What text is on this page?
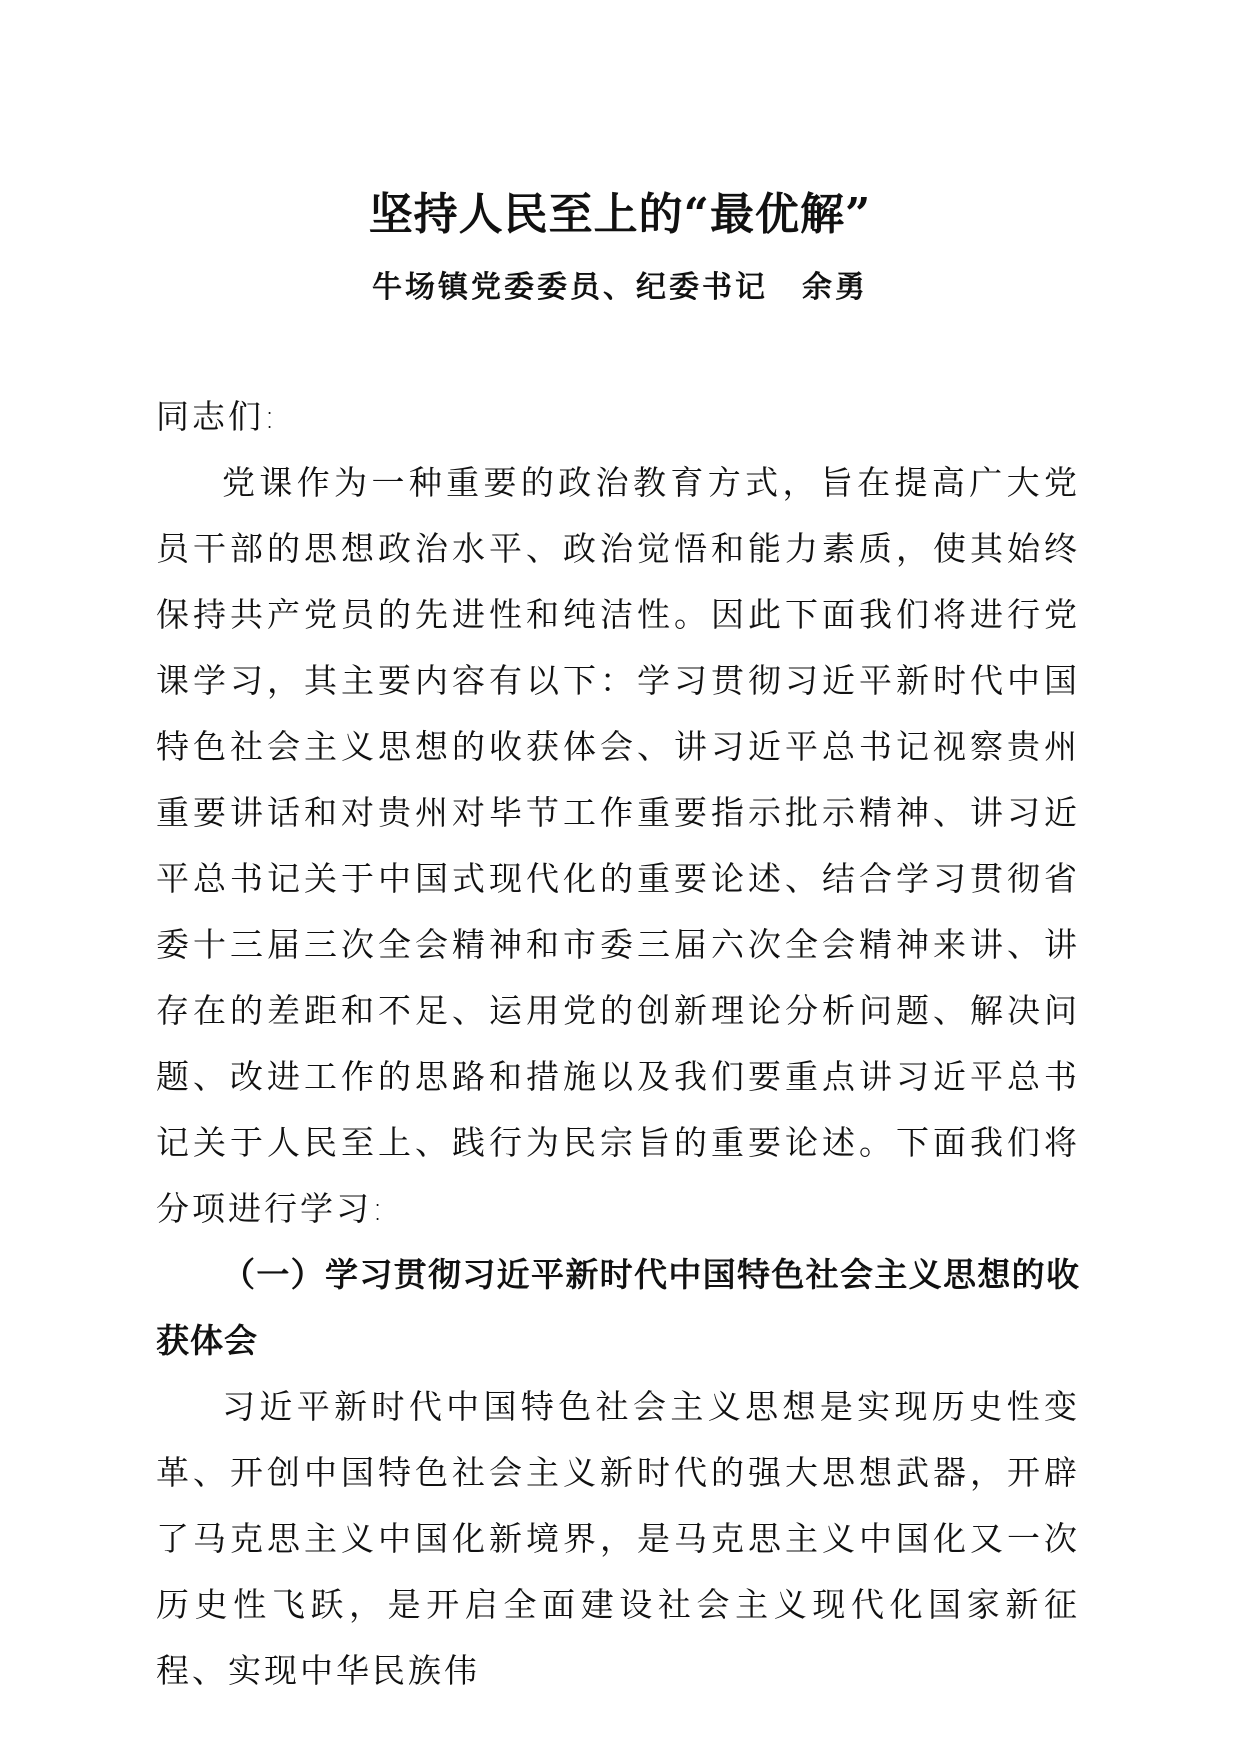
坚持人民至上的“最优解”
牛场镇党委委员、纪委书记 余勇

同志们:

党课作为一种重要的政治教育方式，旨在提高广大党员干部的思想政治水平、政治觉悟和能力素质，使其始终保持共产党员的先进性和纯洁性。因此下面我们将进行党课学习，其主要内容有以下：学习贯彻习近平新时代中国特色社会主义思想的收获体会、讲习近平总书记视察贵州重要讲话和对贵州对毕节工作重要指示批示精神、讲习近平总书记关于中国式现代化的重要论述、结合学习贯彻省委十三届三次全会精神和市委三届六次全会精神来讲、讲存在的差距和不足、运用党的创新理论分析问题、解决问题、改进工作的思路和措施以及我们要重点讲习近平总书记关于人民至上、践行为民宗旨的重要论述。下面我们将分项进行学习:

（一）学习贯彻习近平新时代中国特色社会主义思想的收获体会

习近平新时代中国特色社会主义思想是实现历史性变革、开创中国特色社会主义新时代的强大思想武器，开辟了马克思主义中国化新境界，是马克思主义中国化又一次历史性飞跃，是开启全面建设社会主义现代化国家新征程、实现中华民族伟
